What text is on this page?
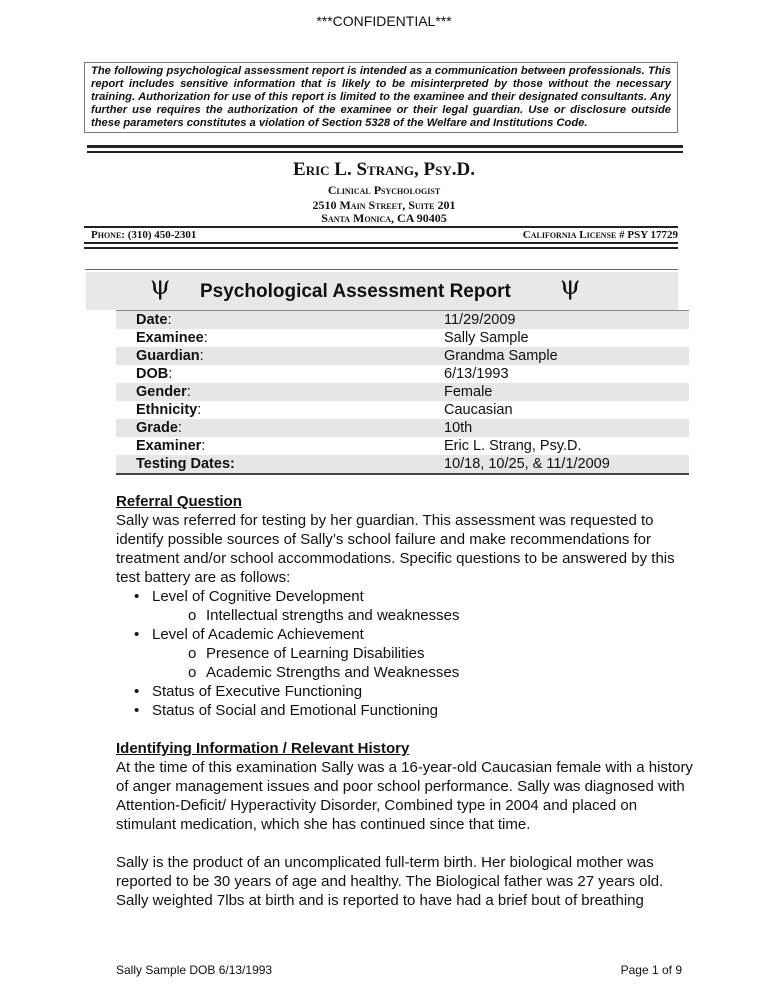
***CONFIDENTIAL***
The following psychological assessment report is intended as a communication between professionals. This report includes sensitive information that is likely to be misinterpreted by those without the necessary training. Authorization for use of this report is limited to the examinee and their designated consultants. Any further use requires the authorization of the examinee or their legal guardian. Use or disclosure outside these parameters constitutes a violation of Section 5328 of the Welfare and Institutions Code.
Eric L. Strang, Psy.D.
Clinical Psychologist
2510 Main Street, Suite 201
Santa Monica, CA 90405
Phone: (310) 450-2301	California License # PSY 17729
ψ Psychological Assessment Report ψ
Date:	11/29/2009
Examinee:	Sally Sample
Guardian:	Grandma Sample
DOB:	6/13/1993
Gender:	Female
Ethnicity:	Caucasian
Grade:	10th
Examiner:	Eric L. Strang, Psy.D.
Testing Dates:	10/18, 10/25, & 11/1/2009
Referral Question
Sally was referred for testing by her guardian. This assessment was requested to identify possible sources of Sally’s school failure and make recommendations for treatment and/or school accommodations. Specific questions to be answered by this test battery are as follows:
• Level of Cognitive Development
o Intellectual strengths and weaknesses
• Level of Academic Achievement
o Presence of Learning Disabilities
o Academic Strengths and Weaknesses
• Status of Executive Functioning
• Status of Social and Emotional Functioning
Identifying Information / Relevant History
At the time of this examination Sally was a 16-year-old Caucasian female with a history of anger management issues and poor school performance. Sally was diagnosed with Attention-Deficit/ Hyperactivity Disorder, Combined type in 2004 and placed on stimulant medication, which she has continued since that time.
Sally is the product of an uncomplicated full-term birth. Her biological mother was reported to be 30 years of age and healthy. The Biological father was 27 years old. Sally weighted 7lbs at birth and is reported to have had a brief bout of breathing
Sally Sample DOB 6/13/1993	Page 1 of 9
